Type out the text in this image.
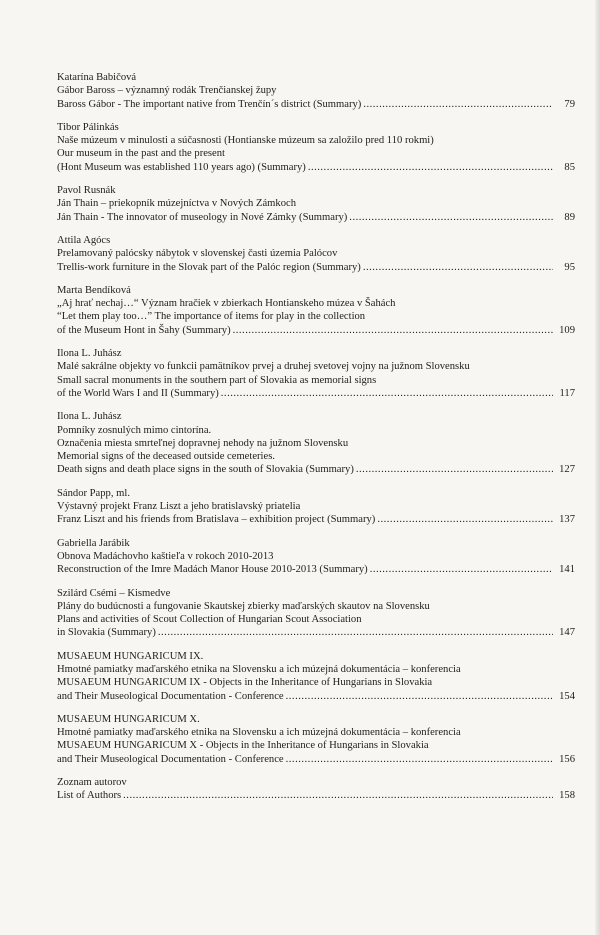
Katarína Babičová
Gábor Baross – významný rodák Trenčianskej župy
Baross Gábor - The important native from Trenčín´s district (Summary) .....	79
Tibor Pálinkás
Naše múzeum v minulosti a súčasnosti (Hontianske múzeum sa založilo pred 110 rokmi)
Our museum in the past and the present
(Hont Museum was established 110 years ago) (Summary) .....	85
Pavol Rusnák
Ján Thain – priekopník múzejníctva v Nových Zámkoch
Ján Thain - The innovator of museology in Nové Zámky (Summary) .....	89
Attila Agócs
Prelamovaný palócsky nábytok v slovenskej časti územia Palócov
Trellis-work furniture in the Slovak part of the Palóc region (Summary) .....	95
Marta Bendíková
„Aj hrať nechaj…“ Význam hračiek v zbierkach Hontianskeho múzea v Šahách
“Let them play too…” The importance of items for play in the collection
of the Museum Hont in Šahy (Summary) .....	109
Ilona L. Juhász
Malé sakrálne objekty vo funkcii pamätníkov prvej a druhej svetovej vojny na južnom Slovensku
Small sacral monuments in the southern part of Slovakia as memorial signs
of the World Wars I and II (Summary) .....	117
Ilona L. Juhász
Pomníky zosnulých mimo cintorína.
Označenia miesta smrteľnej dopravnej nehody na južnom Slovensku
Memorial signs of the deceased outside cemeteries.
Death signs and death place signs in the south of Slovakia (Summary) .....	127
Sándor Papp, ml.
Výstavný projekt Franz Liszt a jeho bratislavský priatelia
Franz Liszt and his friends from Bratislava – exhibition project (Summary) .....	137
Gabriella Jarábik
Obnova Madáchovho kaštieľa v rokoch 2010-2013
Reconstruction of the Imre Madách Manor House 2010-2013 (Summary) .....	141
Szilárd Csémi – Kismedve
Plány do budúcnosti a fungovanie Skautskej zbierky maďarských skautov na Slovensku
Plans and activities of Scout Collection of Hungarian Scout Association
in Slovakia (Summary) .....	147
MUSAEUM HUNGARICUM IX.
Hmotné pamiatky maďarského etnika na Slovensku a ich múzejná dokumentácia – konferencia
MUSAEUM HUNGARICUM IX - Objects in the Inheritance of Hungarians in Slovakia
and Their Museological Documentation - Conference .....	154
MUSAEUM HUNGARICUM X.
Hmotné pamiatky maďarského etnika na Slovensku a ich múzejná dokumentácia – konferencia
MUSAEUM HUNGARICUM X - Objects in the Inheritance of Hungarians in Slovakia
and Their Museological Documentation - Conference .....	156
Zoznam autorov
List of Authors .....	158
